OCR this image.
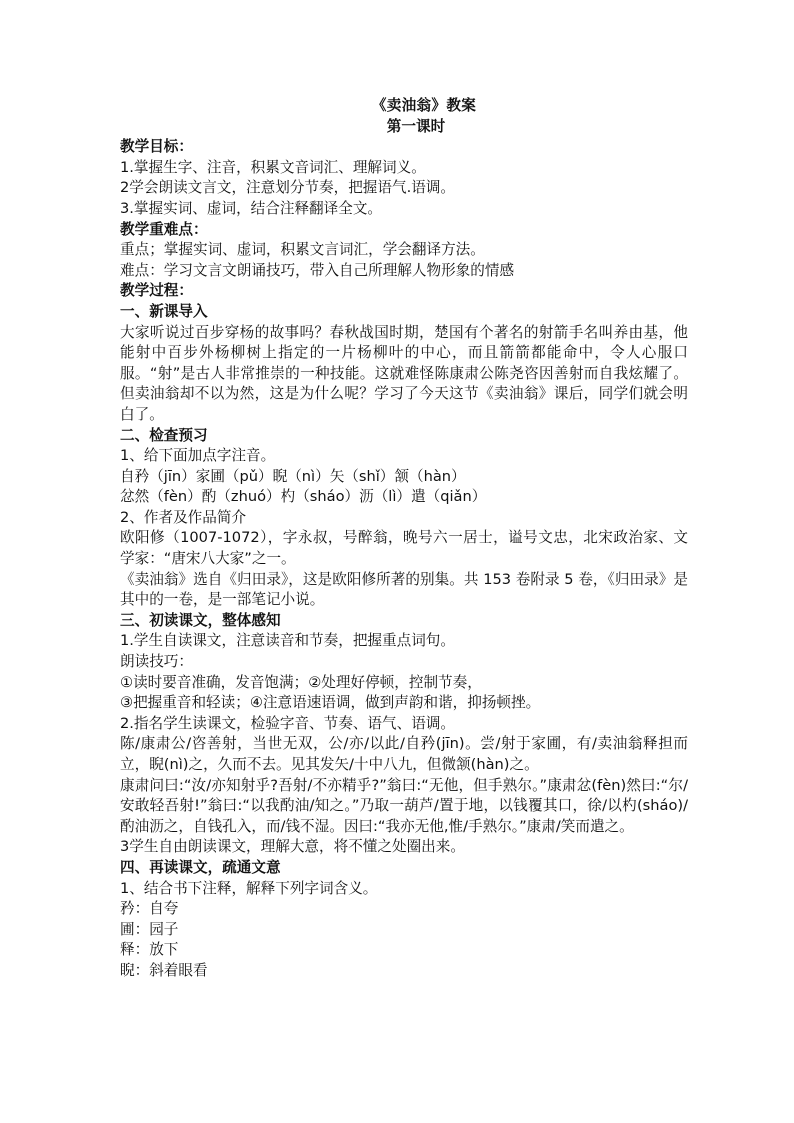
《卖油翁》教案
第一课时
教学目标：
1.掌握生字、注音，积累文音词汇、理解词义。
2学会朗读文言文，注意划分节奏，把握语气.语调。
3.掌握实词、虚词，结合注释翻译全文。
教学重难点：
重点；掌握实词、虚词，积累文言词汇，学会翻译方法。
难点：学习文言文朗诵技巧，带入自己所理解人物形象的情感
教学过程：
一、新课导入
大家听说过百步穿杨的故事吗？春秋战国时期，楚国有个著名的射箭手名叫养由基，他能射中百步外杨柳树上指定的一片杨柳叶的中心，而且箭箭都能命中，令人心服口服。“射”是古人非常推崇的一种技能。这就难怪陈康肃公陈尧咨因善射而自我炫耀了。但卖油翁却不以为然，这是为什么呢？学习了今天这节《卖油翁》课后，同学们就会明白了。
二、检查预习
1、给下面加点字注音。
自矜（jīn）家圃（pǔ）睨（nì）矢（shǐ）颔（hàn）
忿然（fèn）酌（zhuó）杓（sháo）沥（lì）遣（qiǎn）
2、作者及作品简介
欧阳修（1007-1072），字永叔，号醉翁，晚号六一居士，谥号文忠，北宋政治家、文学家：“唐宋八大家”之一。
《卖油翁》选自《归田录》，这是欧阳修所著的别集。共 153 卷附录 5 卷，《归田录》是其中的一卷，是一部笔记小说。
三、初读课文，整体感知
1.学生自读课文，注意读音和节奏，把握重点词句。
朗读技巧：
①读时要音准确，发音饱满；②处理好停顿，控制节奏，
③把握重音和轻读；④注意语速语调，做到声韵和谐，抑扬顿挫。
2.指名学生读课文，检验字音、节奏、语气、语调。
陈/康肃公/咨善射，当世无双，公/亦/以此/自矜(jīn)。尝/射于家圃，有/卖油翁释担而立，睨(nì)之，久而不去。见其发矢/十中八九，但微颔(hàn)之。
康肃问曰:“汝/亦知射乎?吾射/不亦精乎?”翁曰:“无他，但手熟尔。”康肃忿(fèn)然曰:“尔/安敢轻吾射!”翁曰:“以我酌油/知之。”乃取一葫芦/置于地，以钱覆其口，徐/以杓(sháo)/酌油沥之，自钱孔入，而/钱不湿。因曰:“我亦无他,惟/手熟尔。”康肃/笑而遣之。
3学生自由朗读课文，理解大意，将不懂之处圈出来。
四、再读课文，疏通文意
1、结合书下注释，解释下列字词含义。
矜：自夸
圃：园子
释：放下
睨：斜着眼看
